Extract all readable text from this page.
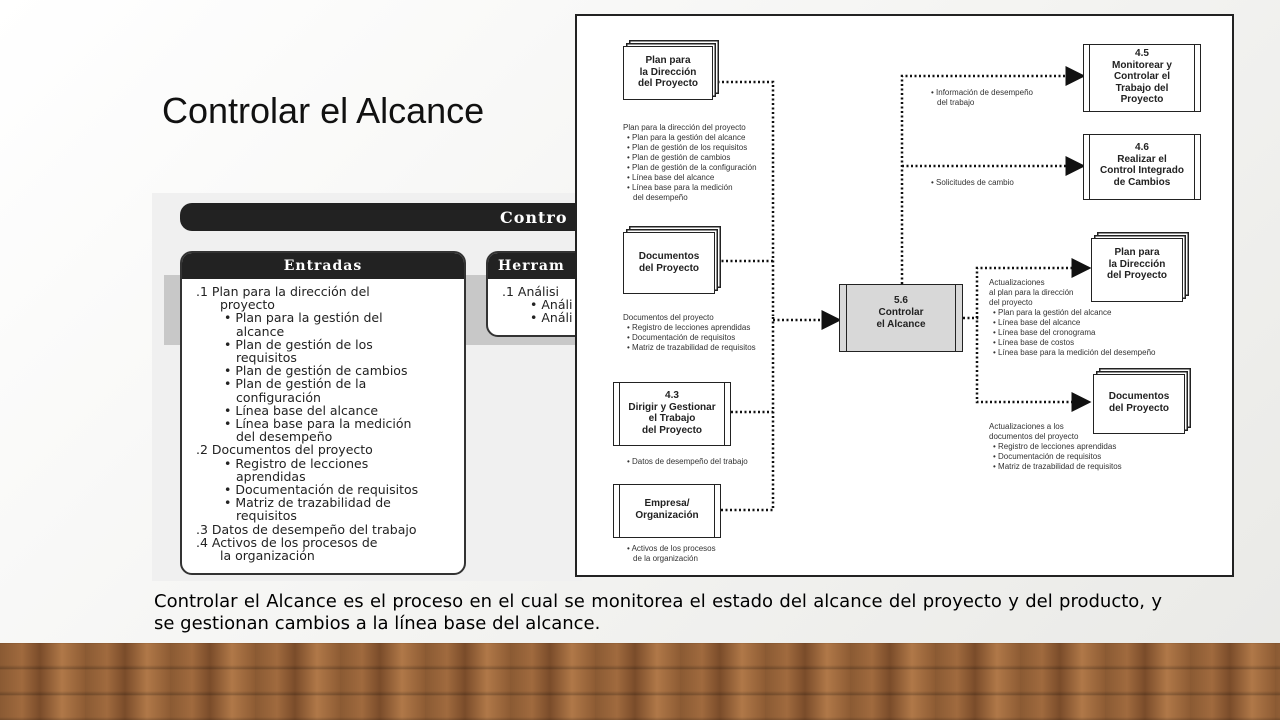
Controlar el Alcance
Contro
Entradas
.1 Plan para la dirección del
proyecto
• Plan para la gestión del
alcance
• Plan de gestión de los
requisitos
• Plan de gestión de cambios
• Plan de gestión de la
configuración
• Línea base del alcance
• Línea base para la medición
del desempeño
.2 Documentos del proyecto
• Registro de lecciones
aprendidas
• Documentación de requisitos
• Matriz de trazabilidad de
requisitos
.3 Datos de desempeño del trabajo
.4 Activos de los procesos de
la organización
Herram
.1 Análisi
• Análi
• Análi
Plan para
la Dirección
del Proyecto
Plan para la dirección del proyecto
• Plan para la gestión del alcance
• Plan de gestión de los requisitos
• Plan de gestión de cambios
• Plan de gestión de la configuración
• Línea base del alcance
• Línea base para la medición
del desempeño
Documentos
del Proyecto
Documentos del proyecto
• Registro de lecciones aprendidas
• Documentación de requisitos
• Matriz de trazabilidad de requisitos
4.3
Dirigir y Gestionar
el Trabajo
del Proyecto
• Datos de desempeño del trabajo
Empresa/
Organización
• Activos de los procesos
de la organización
5.6
Controlar
el Alcance
4.5
Monitorear y
Controlar el
Trabajo del
Proyecto
• Información de desempeño
del trabajo
4.6
Realizar el
Control Integrado
de Cambios
• Solicitudes de cambio
Plan para
la Dirección
del Proyecto
Actualizaciones
al plan para la dirección
del proyecto
• Plan para la gestión del alcance
• Línea base del alcance
• Línea base del cronograma
• Línea base de costos
• Línea base para la medición del desempeño
Documentos
del Proyecto
Actualizaciones a los
documentos del proyecto
• Registro de lecciones aprendidas
• Documentación de requisitos
• Matriz de trazabilidad de requisitos
Controlar el Alcance es el proceso en el cual se monitorea el estado del alcance del proyecto y del producto, y se gestionan cambios a la línea base del alcance.
